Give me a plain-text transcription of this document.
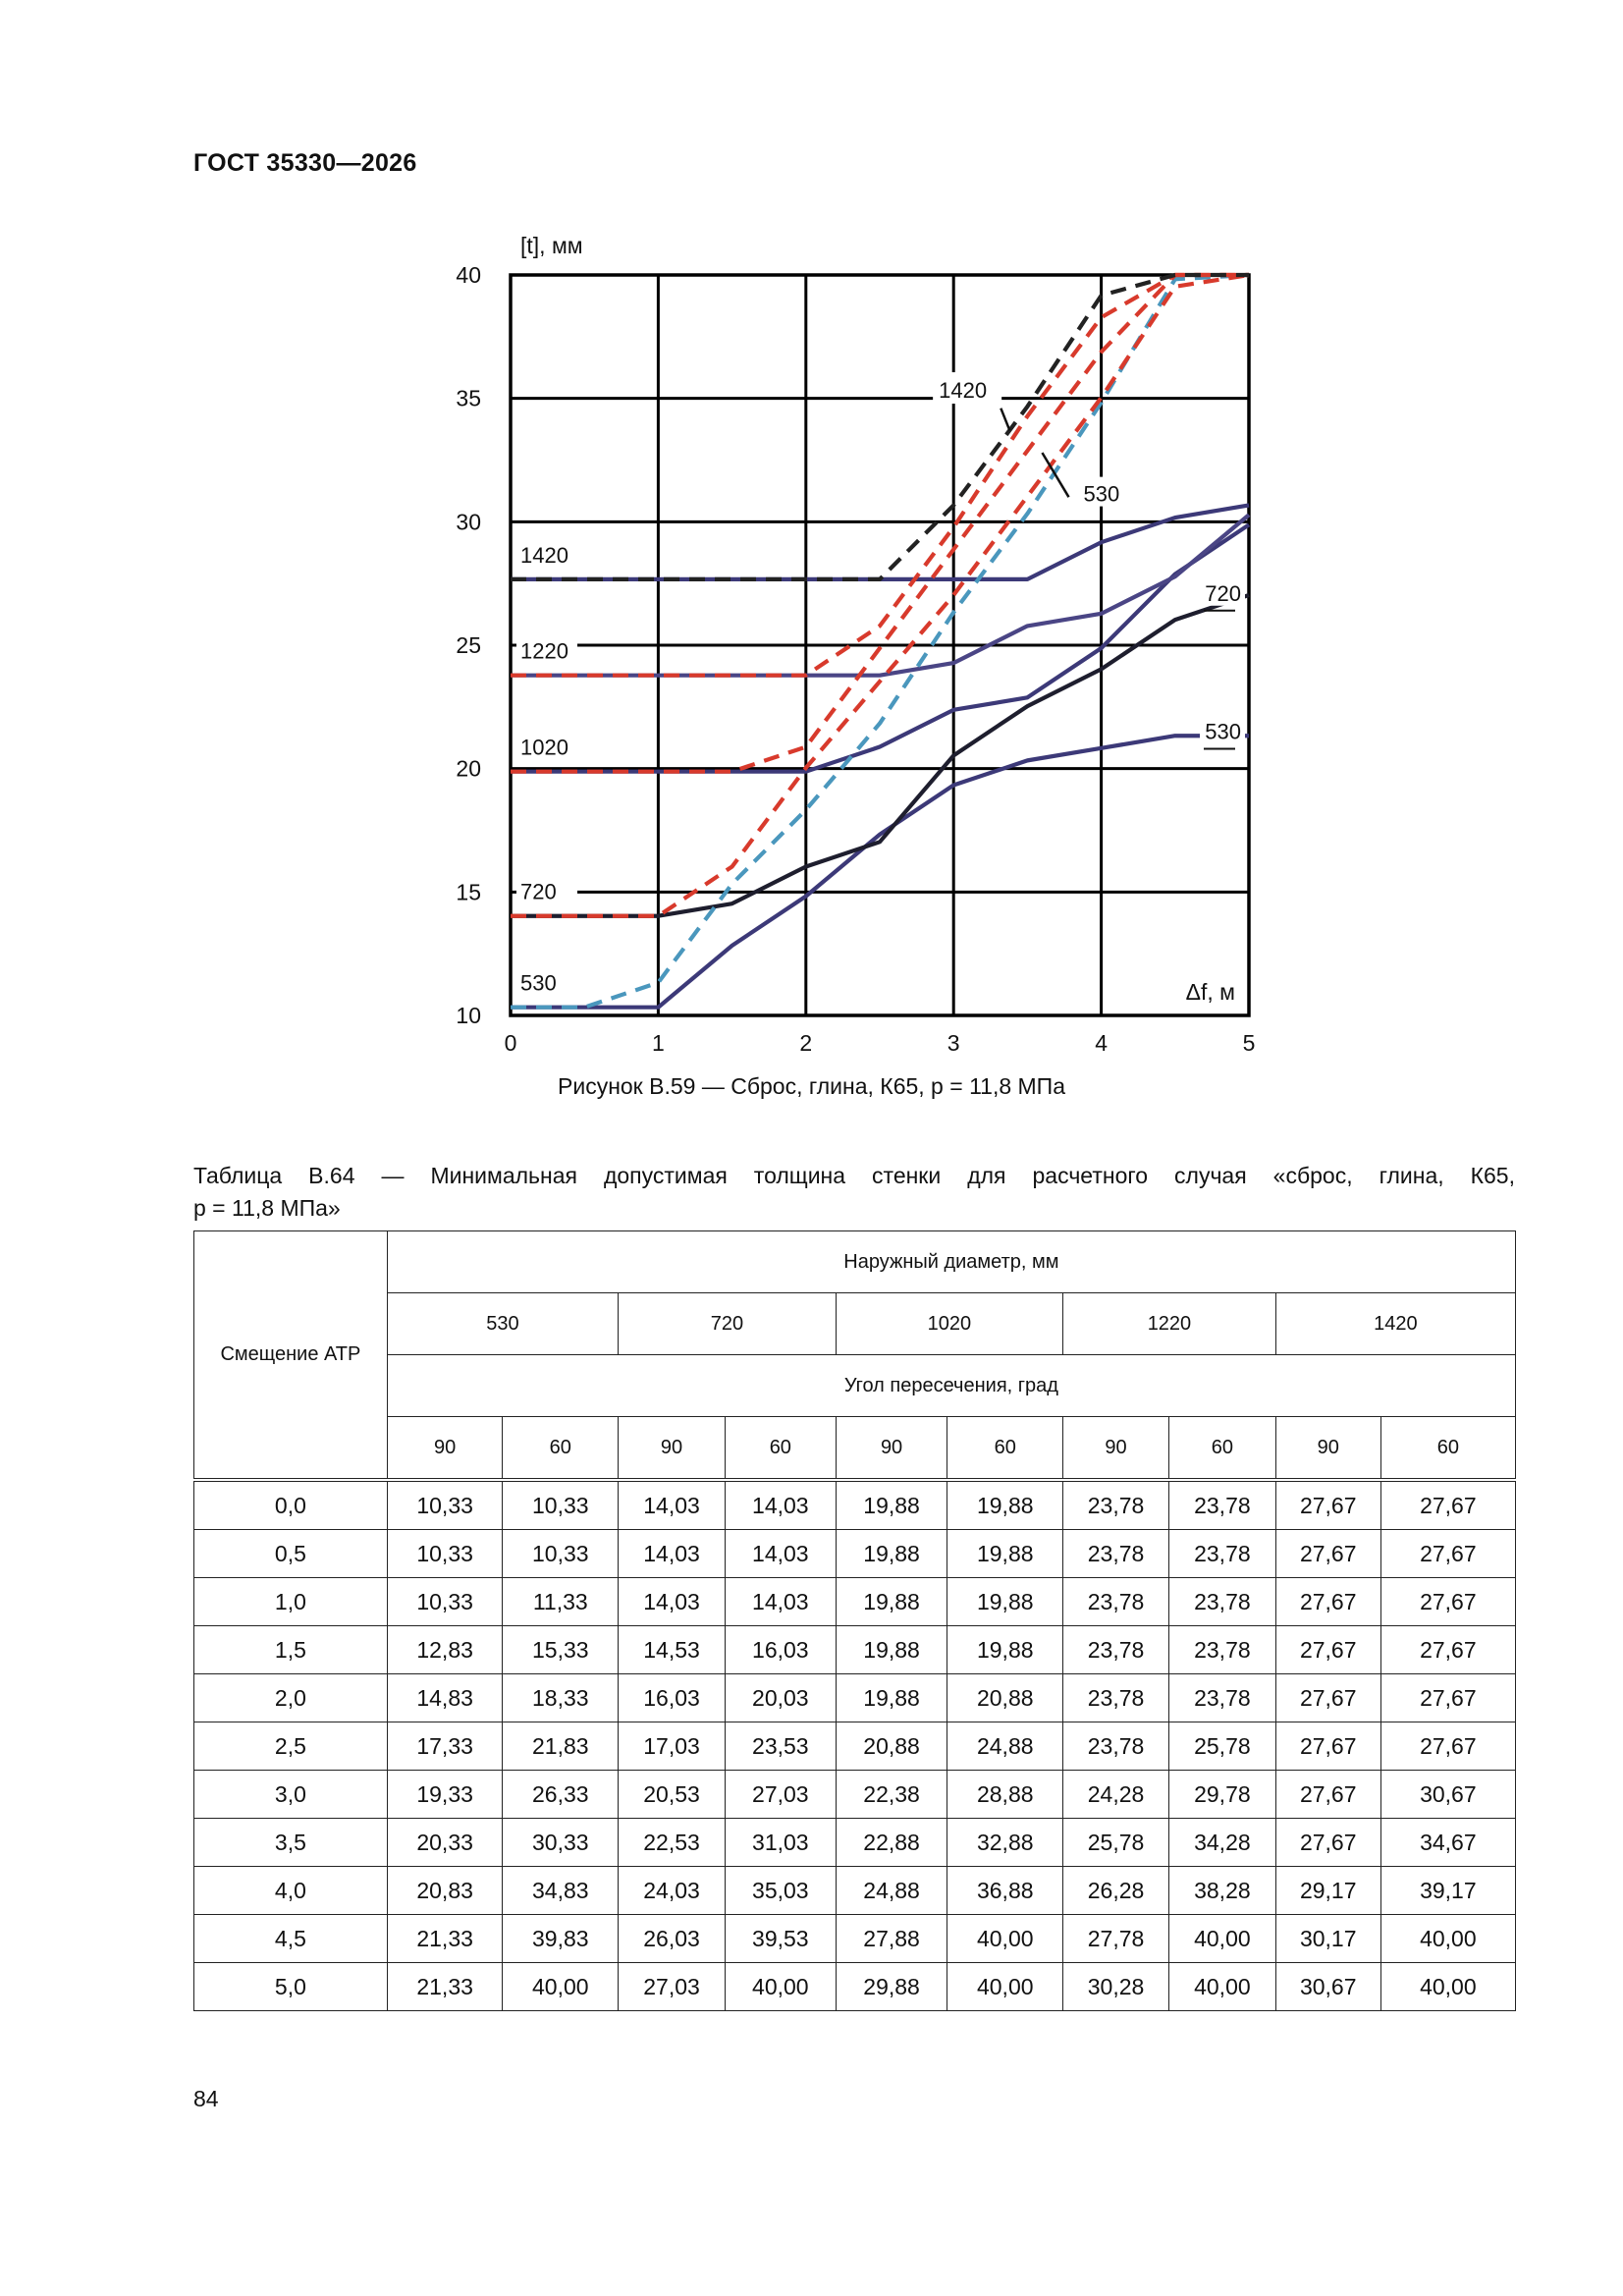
ГОСТ 35330—2026
0	1	2	3	4	5
10
15
20
25
30
35
40
[t], мм
Δf, м
530
720
1020
1220
1420
720
530
1420
530
Рисунок В.59 — Сброс, глина, К65, p = 11,8 МПа
Таблица В.64 — Минимальная допустимая толщина стенки для расчетного случая «сброс, глина, К65,
p = 11,8 МПа»
Смещение АТР	Наружный диаметр, мм									
	530		720		1020		1220		1420	
	Угол пересечения, град									
	90	60	90	60	90	60	90	60	90	60
0,0	10,33	10,33	14,03	14,03	19,88	19,88	23,78	23,78	27,67	27,67
0,5	10,33	10,33	14,03	14,03	19,88	19,88	23,78	23,78	27,67	27,67
1,0	10,33	11,33	14,03	14,03	19,88	19,88	23,78	23,78	27,67	27,67
1,5	12,83	15,33	14,53	16,03	19,88	19,88	23,78	23,78	27,67	27,67
2,0	14,83	18,33	16,03	20,03	19,88	20,88	23,78	23,78	27,67	27,67
2,5	17,33	21,83	17,03	23,53	20,88	24,88	23,78	25,78	27,67	27,67
3,0	19,33	26,33	20,53	27,03	22,38	28,88	24,28	29,78	27,67	30,67
3,5	20,33	30,33	22,53	31,03	22,88	32,88	25,78	34,28	27,67	34,67
4,0	20,83	34,83	24,03	35,03	24,88	36,88	26,28	38,28	29,17	39,17
4,5	21,33	39,83	26,03	39,53	27,88	40,00	27,78	40,00	30,17	40,00
5,0	21,33	40,00	27,03	40,00	29,88	40,00	30,28	40,00	30,67	40,00
84
